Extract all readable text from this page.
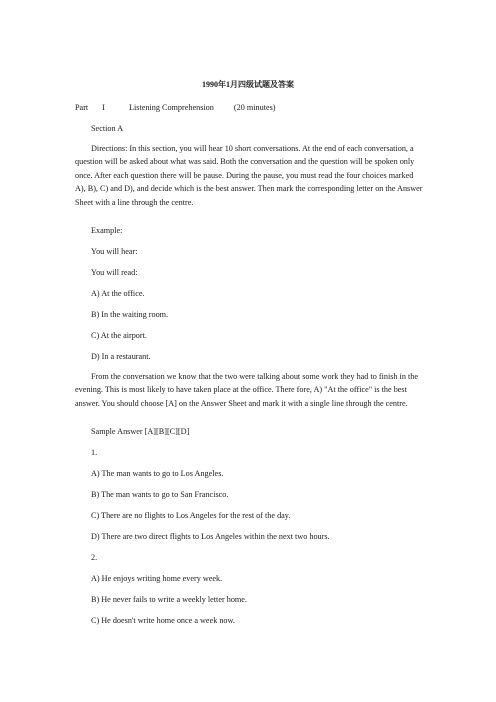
1990年1月四级试题及答案
Part I	Listening Comprehension (20 minutes)
Section A
Directions: In this section, you will hear 10 short conversations. At the end of each conversation, a question will be asked about what was said. Both the conversation and the question will be spoken only once. After each question there will be pause. During the pause, you must read the four choices marked A), B), C) and D), and decide which is the best answer. Then mark the corresponding letter on the Answer Sheet with a line through the centre.
Example:
You will hear:
You will read:
A) At the office.
B) In the waiting room.
C) At the airport.
D) In a restaurant.
From the conversation we know that the two were talking about some work they had to finish in the evening. This is most likely to have taken place at the office. There fore, A) "At the office" is the best answer. You should choose [A] on the Answer Sheet and mark it with a single line through the centre.
Sample Answer [A][B][C][D]
1.
A) The man wants to go to Los Angeles.
B) The man wants to go to San Francisco.
C) There are no flights to Los Angeles for the rest of the day.
D) There are two direct flights to Los Angeles within the next two hours.
2.
A) He enjoys writing home every week.
B) He never fails to write a weekly letter home.
C) He doesn't write home once a week now.
